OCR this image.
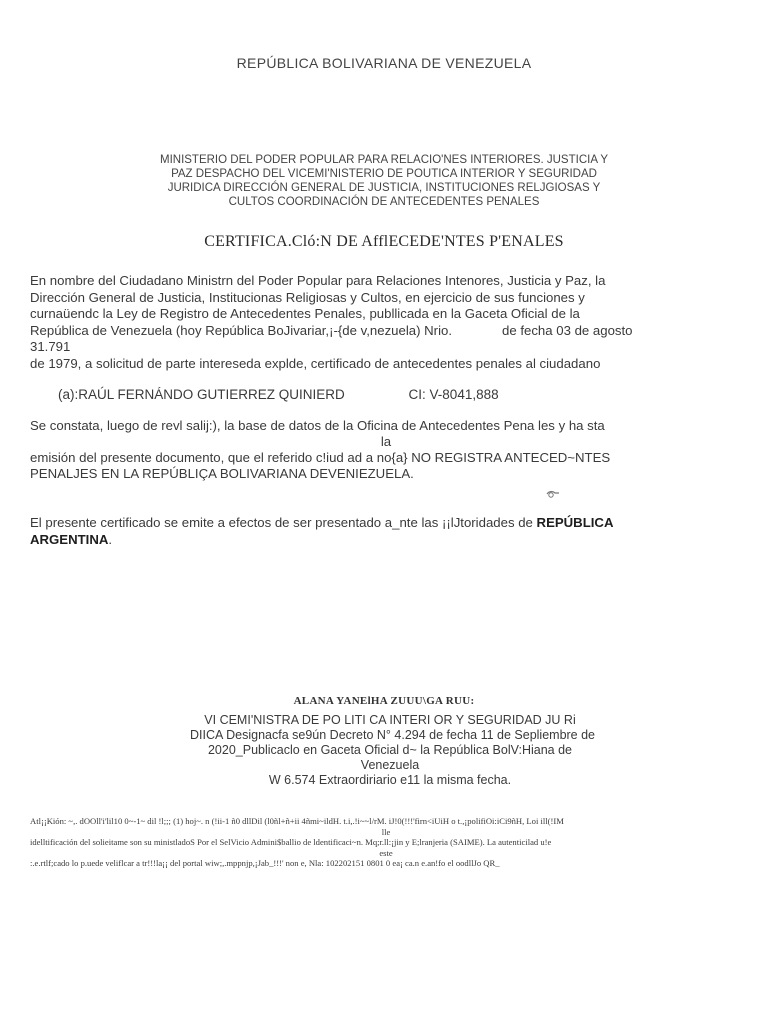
REPÚBLICA BOLIVARIANA DE VENEZUELA
MINISTERIO DEL PODER POPULAR PARA RELACIO'NES INTERIORES. JUSTICIA Y
PAZ DESPACHO DEL VICEMI'NISTERIO DE POUTICA INTERIOR Y SEGURIDAD
JURIDICA DIRECCIÓN GENERAL DE JUSTICIA, INSTITUCIONES RELJGIOSAS Y
CULTOS COORDINACIÓN DE ANTECEDENTES PENALES
CERTIFICA.Cló:N DE AfflECEDE'NTES P'ENALES
En nombre del Ciudadano Ministrn del Poder Popular para Relaciones Intenores, Justicia y Paz, la
Dirección General de Justicia, Institucionas Religiosas y Cultos, en ejercicio de sus funciones y
curnaüendc la Ley de Registro de Antecedentes Penales, publlicada en la Gaceta Oficial de la
República de Venezuela (hoy República BoJivariar,¡-{de v,nezuela) Nrio.	de fecha 03 de agosto
31.791
de 1979, a solicitud de parte intereseda explde, certificado de antecedentes penales al ciudadano
(a):RAÚL FERNÁNDO GUTIERREZ QUINIERD	CI: V-8041,888
Se constata, luego de revl salij:), la base de datos de la Oficina de Antecedentes Pena les y ha sta
la
emisión del presente documento, que el referido c!iud ad a no{a} NO REGISTRA ANTECED~NTES
PENALJES EN LA REPÚBLIÇA BOLIVARIANA DEVENIEZUELA.
El presente certificado se emite a efectos de ser presentado a_nte las ¡¡lJtoridades de REPÚBLICA
ARGENTINA.
ALANA YANElHA ZUUU\GA RUU:
VI CEMI'NISTRA DE PO LITI CA INTERI OR Y SEGURIDAD JU Ri
DIICA Designacfa se9ún Decreto N° 4.294 de fecha 11 de Sepliembre de
2020_Publicaclo en Gaceta Oficial d~ la República BolV:Hiana de
Venezuela
W 6.574 Extraordiriario e11 la misma fecha.
Atl¡¡Kión: ~,. dOOll'i'lil10 0~-1~ dil !l;;; (1) hoj~. n (!ii-1 ñ0 dllDil (l0ñl+ñ+ii 4ñmi~ildH. t.i,.!i~~l/rM. iJ!0(!!!'firn<iUiH o t.,¡polifiOi:iCi9ñH, Loi ill(!IM
lle
idelltificación del solieitame son su ministladoS Por el SelVicio Admini$ballio de ldentificaci~n. Mq;r.ll:¡jin y E;lranjeria (SAIME). La autenticilad u!e
este
:.e.rtlf;cado lo p.uede veliflcar a tr!!!la¡¡ del portal wiw;,.mppnjp,¡Jab_!!!' non e, Nla: 102202151 0801 0 ea¡ ca.n e.an!fo el oodllJo QR_
